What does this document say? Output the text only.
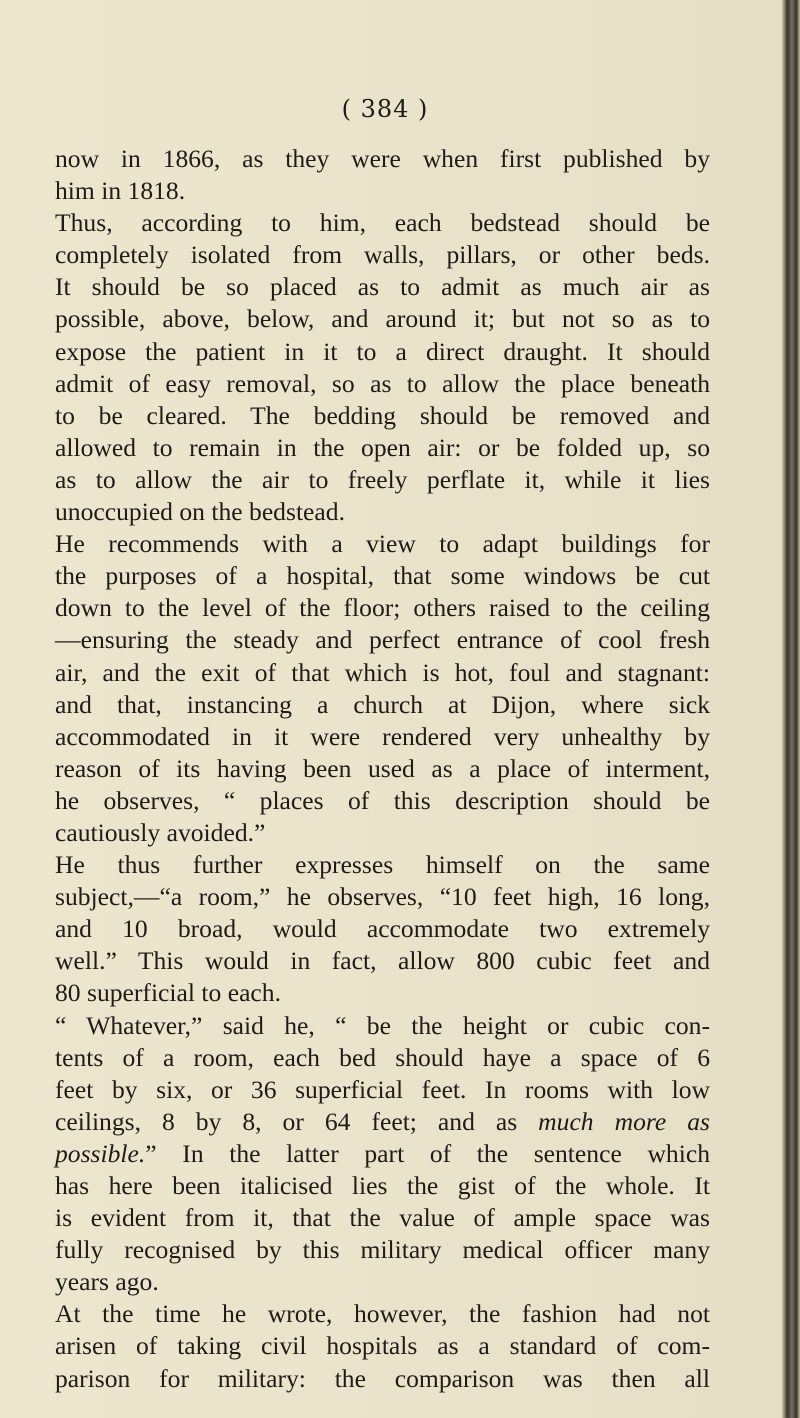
( 384 )
now in 1866, as they were when first published by
him in 1818.
Thus, according to him, each bedstead should be
completely isolated from walls, pillars, or other beds.
It should be so placed as to admit as much air as
possible, above, below, and around it; but not so as to
expose the patient in it to a direct draught. It should
admit of easy removal, so as to allow the place beneath
to be cleared. The bedding should be removed and
allowed to remain in the open air: or be folded up, so
as to allow the air to freely perflate it, while it lies
unoccupied on the bedstead.
He recommends with a view to adapt buildings for
the purposes of a hospital, that some windows be cut
down to the level of the floor; others raised to the ceiling
—ensuring the steady and perfect entrance of cool fresh
air, and the exit of that which is hot, foul and stagnant:
and that, instancing a church at Dijon, where sick
accommodated in it were rendered very unhealthy by
reason of its having been used as a place of interment,
he observes, “ places of this description should be
cautiously avoided.”
He thus further expresses himself on the same
subject,—“a room,” he observes, “10 feet high, 16 long,
and 10 broad, would accommodate two extremely
well.” This would in fact, allow 800 cubic feet and
80 superficial to each.
“ Whatever,” said he, “ be the height or cubic con-
tents of a room, each bed should haye a space of 6
feet by six, or 36 superficial feet. In rooms with low
ceilings, 8 by 8, or 64 feet; and as much more as
possible.” In the latter part of the sentence which
has here been italicised lies the gist of the whole. It
is evident from it, that the value of ample space was
fully recognised by this military medical officer many
years ago.
At the time he wrote, however, the fashion had not
arisen of taking civil hospitals as a standard of com-
parison for military: the comparison was then all
